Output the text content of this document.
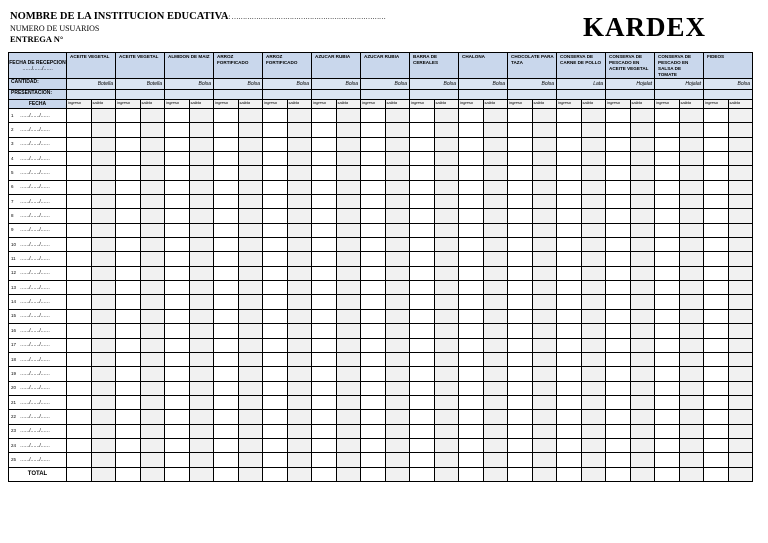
NOMBRE DE LA INSTITUCION EDUCATIVA: ……………………………………………………………
NUMERO DE USUARIOS
ENTREGA N°	KARDEX
FECHA DE RECEPCION
……/……/……	ACEITE VEGETAL		ACEITE VEGETAL		ALMIDON DE MAIZ		ARROZ FORTIFICADO		ARROZ FORTIFICADO		AZUCAR RUBIA		AZUCAR RUBIA		BARRA DE CEREALES		CHALONA		CHOCOLATE PARA TAZA		CONSERVA DE CARNE DE POLLO		CONSERVA DE PESCADO EN ACEITE VEGETAL		CONSERVA DE PESCADO EN SALSA DE TOMATE		FIDEOS	
CANTIDAD:	Botella		Botella		Bolsa		Bolsa		Bolsa		Bolsa		Bolsa		Bolsa		Bolsa		Bolsa		Lata		Hojalat		Hojalat		Bolsa	
PRESENTACION:																												
FECHA	ingreso	salida	ingreso	salida	ingreso	salida	ingreso	salida	ingreso	salida	ingreso	salida	ingreso	salida	ingreso	salida	ingreso	salida	ingreso	salida	ingreso	salida	ingreso	salida	ingreso	salida	ingreso	salida
1 ……/……/……																												
2 ……/……/……																												
3 ……/……/……																												
4 ……/……/……																												
5 ……/……/……																												
6 ……/……/……																												
7 ……/……/……																												
8 ……/……/……																												
9 ……/……/……																												
10 ……/……/……																												
11 ……/……/……																												
12 ……/……/……																												
13 ……/……/……																												
14 ……/……/……																												
15 ……/……/……																												
16 ……/……/……																												
17 ……/……/……																												
18 ……/……/……																												
19 ……/……/……																												
20 ……/……/……																												
21 ……/……/……																												
22 ……/……/……																												
23 ……/……/……																												
24 ……/……/……																												
25 ……/……/……																												
TOTAL																												
